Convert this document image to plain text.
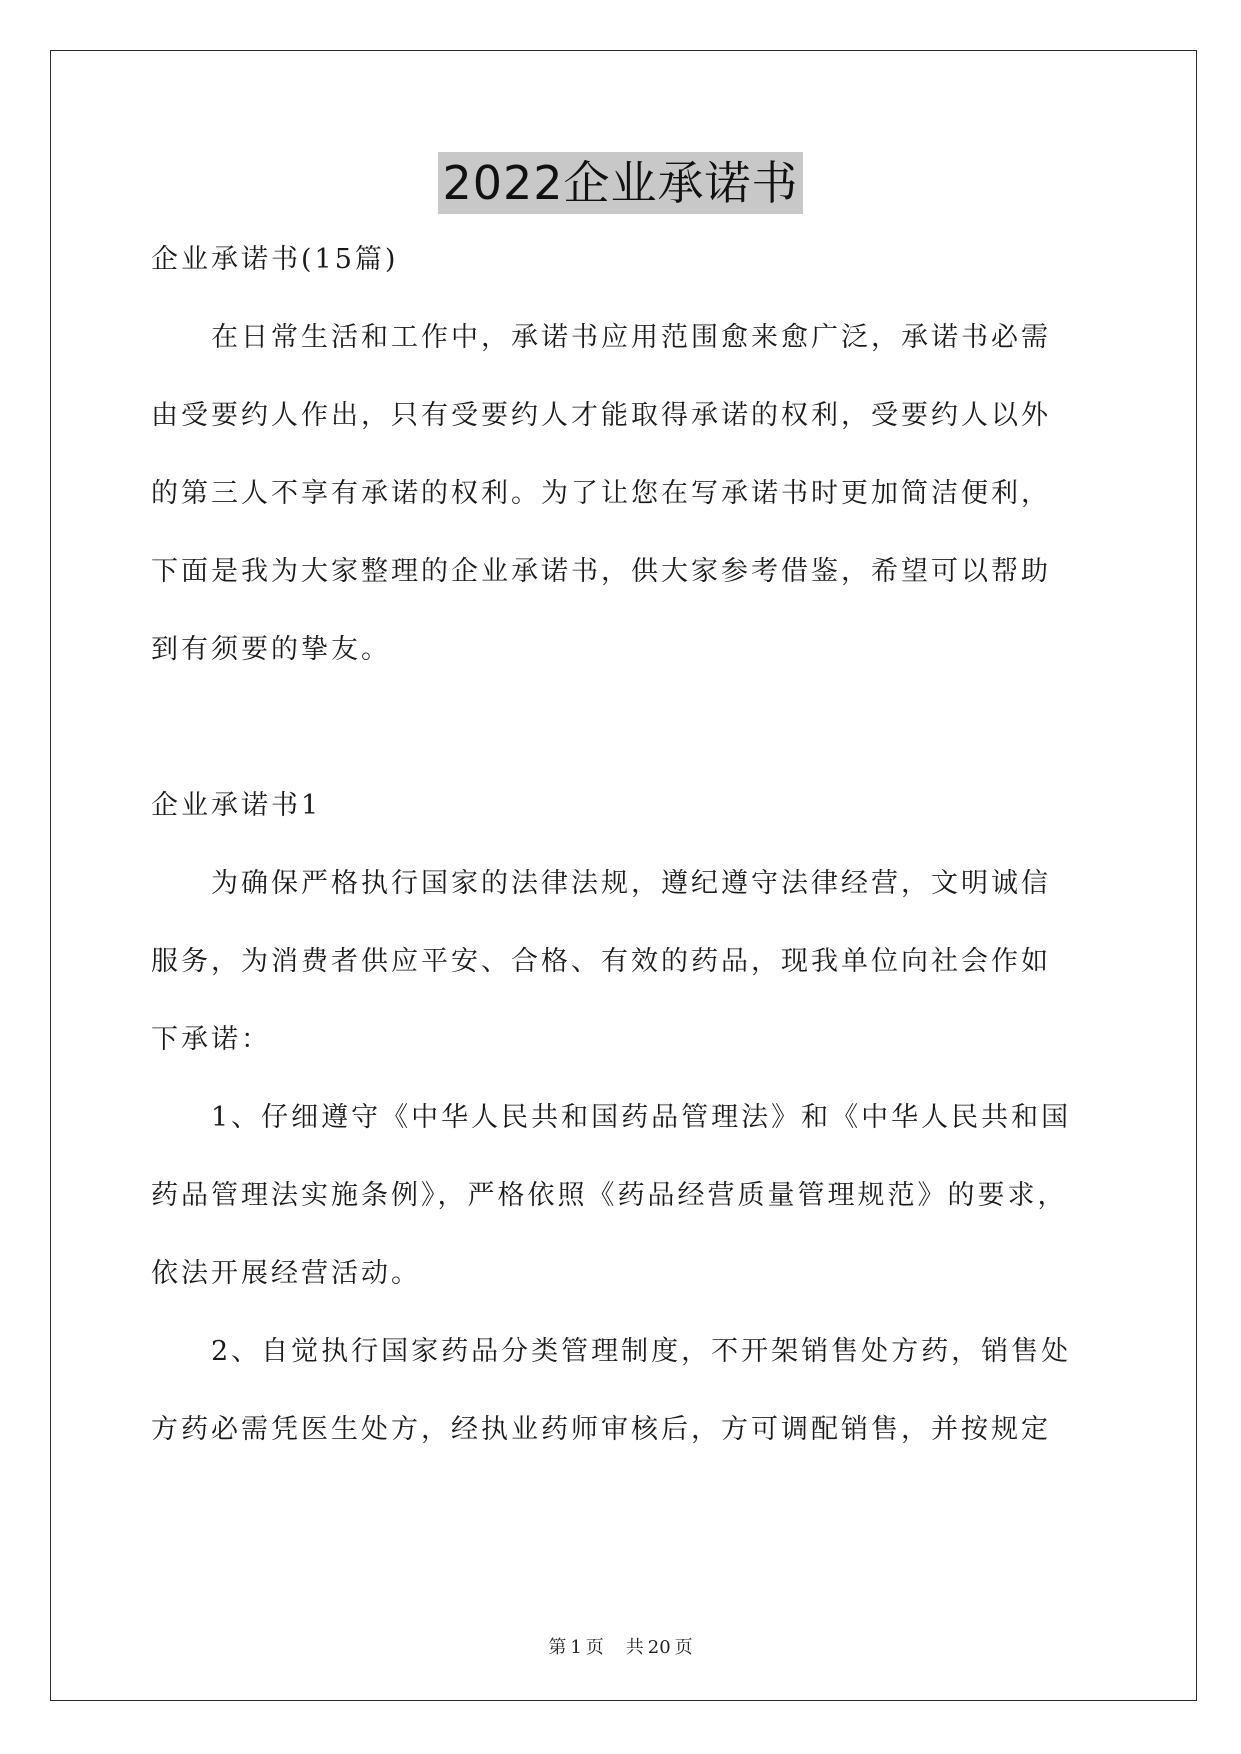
2022企业承诺书
企业承诺书(15篇)
在日常生活和工作中，承诺书应用范围愈来愈广泛，承诺书必需
由受要约人作出，只有受要约人才能取得承诺的权利，受要约人以外
的第三人不享有承诺的权利。为了让您在写承诺书时更加简洁便利，
下面是我为大家整理的企业承诺书，供大家参考借鉴，希望可以帮助
到有须要的挚友。
企业承诺书1
为确保严格执行国家的法律法规，遵纪遵守法律经营，文明诚信
服务，为消费者供应平安、合格、有效的药品，现我单位向社会作如
下承诺：
1、仔细遵守《中华人民共和国药品管理法》和《中华人民共和国
药品管理法实施条例》，严格依照《药品经营质量管理规范》的要求，
依法开展经营活动。
2、自觉执行国家药品分类管理制度，不开架销售处方药，销售处
方药必需凭医生处方，经执业药师审核后，方可调配销售，并按规定
第 1 页 共 20 页
